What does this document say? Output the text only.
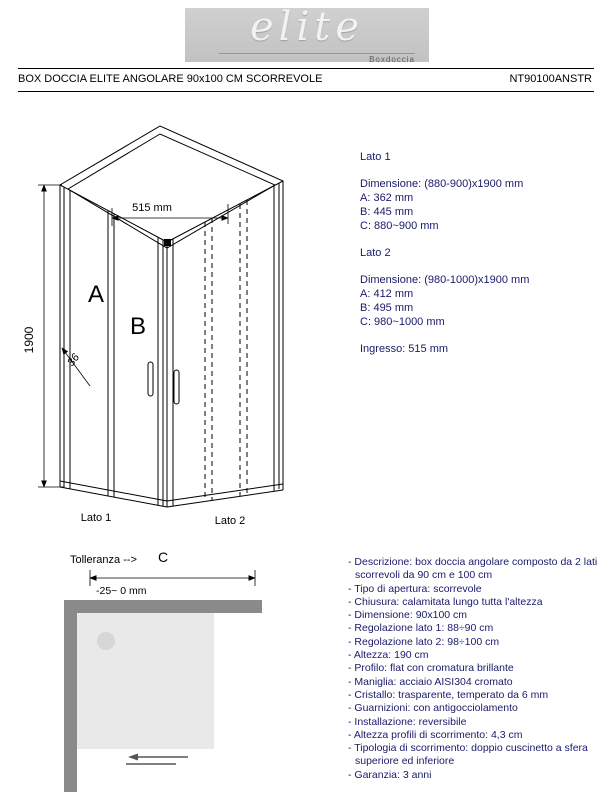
elite
Boxdoccia
BOX DOCCIA ELITE ANGOLARE 90x100 CM SCORREVOLE	NT90100ANSTR
515 mm
1900
36
A
B
Lato 1	Lato 2
Lato 1
Dimensione: (880-900)x1900 mm
A: 362 mm
B: 445 mm
C: 880~900 mm
Lato 2
Dimensione: (980-1000)x1900 mm
A: 412 mm
B: 495 mm
C: 980~1000 mm
Ingresso: 515 mm
Tolleranza --> C
-25~ 0 mm
- Descrizione: box doccia angolare composto da 2 lati scorrevoli da 90 cm e 100 cm
- Tipo di apertura: scorrevole
- Chiusura: calamitata lungo tutta l'altezza
- Dimensione: 90x100 cm
- Regolazione lato 1: 88÷90 cm
- Regolazione lato 2: 98÷100 cm
- Altezza: 190 cm
- Profilo: flat con cromatura brillante
- Maniglia: acciaio AISI304 cromato
- Cristallo: trasparente, temperato da 6 mm
- Guarnizioni: con antigocciolamento
- Installazione: reversibile
- Altezza profili di scorrimento: 4,3 cm
- Tipologia di scorrimento: doppio cuscinetto a sfera superiore ed inferiore
- Garanzia: 3 anni
